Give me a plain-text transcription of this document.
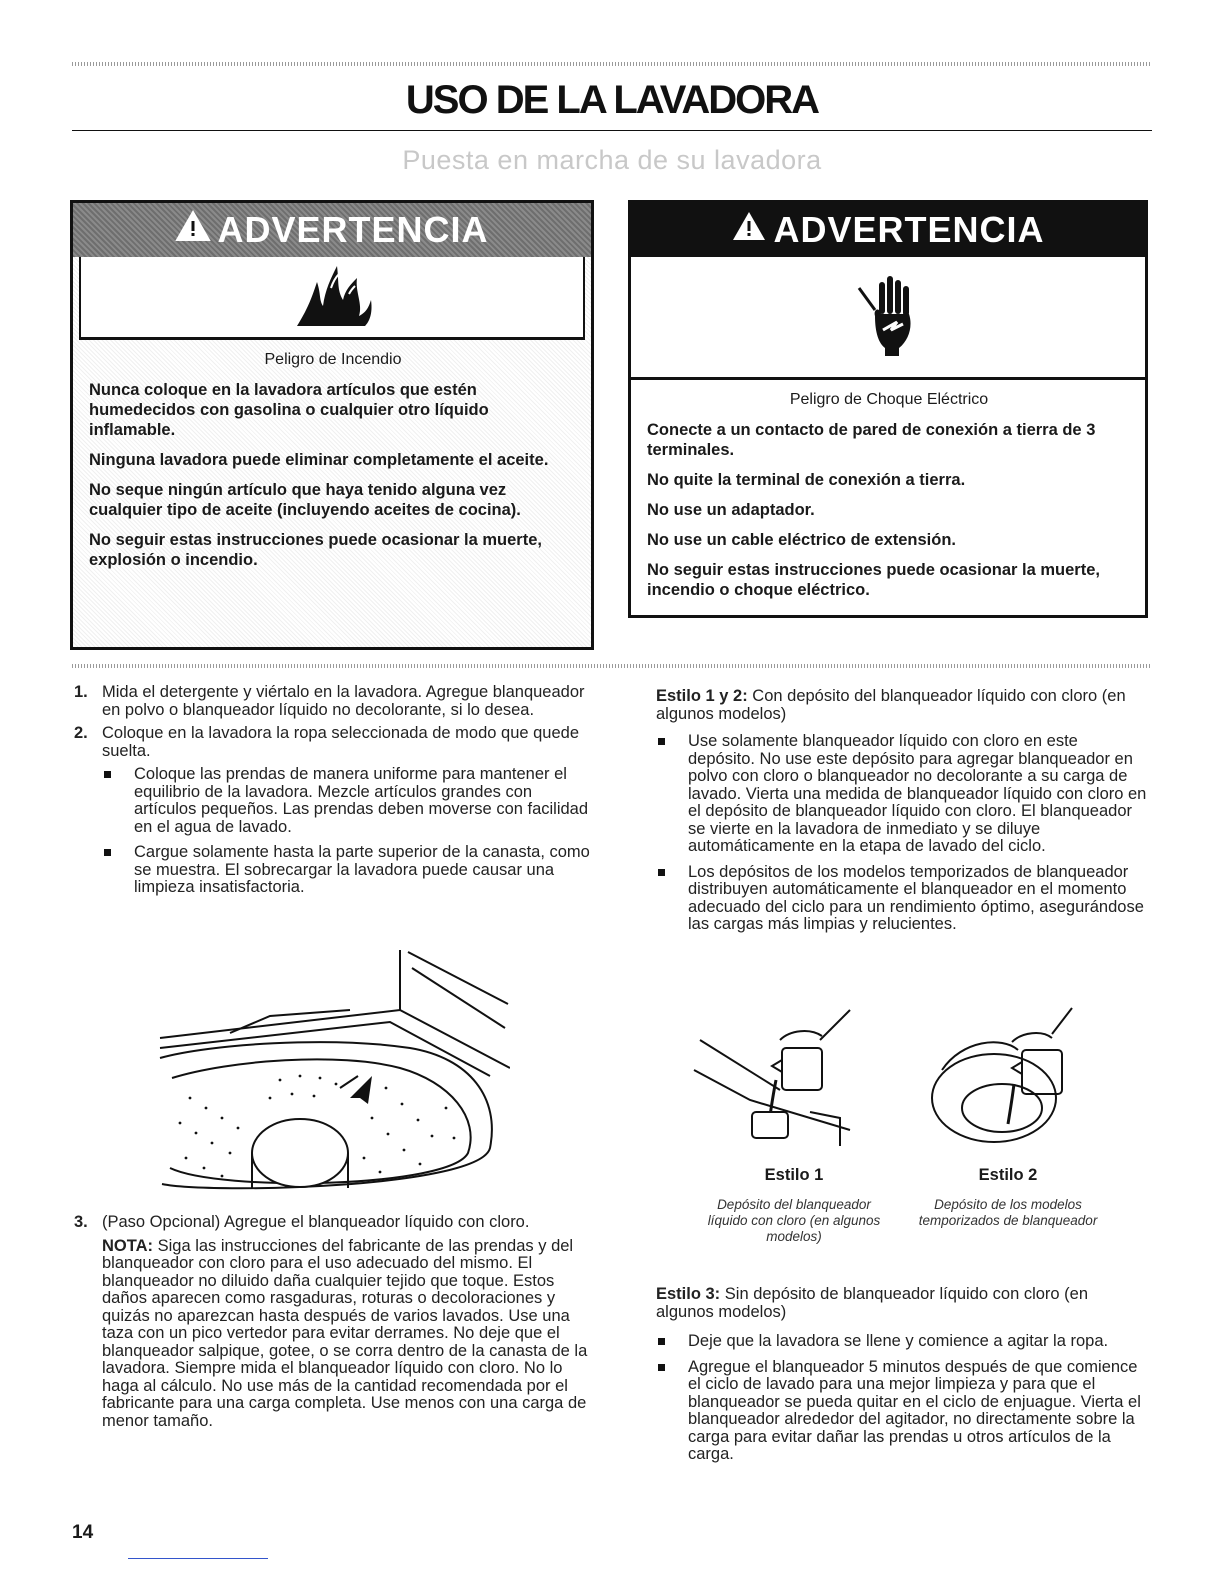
USO DE LA LAVADORA
Puesta en marcha de su lavadora
ADVERTENCIA
Peligro de Incendio

Nunca coloque en la lavadora artículos que estén humedecidos con gasolina o cualquier otro líquido inflamable.

Ninguna lavadora puede eliminar completamente el aceite.

No seque ningún artículo que haya tenido alguna vez cualquier tipo de aceite (incluyendo aceites de cocina).

No seguir estas instrucciones puede ocasionar la muerte, explosión o incendio.

ADVERTENCIA
Peligro de Choque Eléctrico

Conecte a un contacto de pared de conexión a tierra de 3 terminales.

No quite la terminal de conexión a tierra.

No use un adaptador.

No use un cable eléctrico de extensión.

No seguir estas instrucciones puede ocasionar la muerte, incendio o choque eléctrico.

1. Mida el detergente y viértalo en la lavadora. Agregue blanqueador en polvo o blanqueador líquido no decolorante, si lo desea.

2. Coloque en la lavadora la ropa seleccionada de modo que quede suelta.

Coloque las prendas de manera uniforme para mantener el equilibrio de la lavadora. Mezcle artículos grandes con artículos pequeños. Las prendas deben moverse con facilidad en el agua de lavado.

Cargue solamente hasta la parte superior de la canasta, como se muestra. El sobrecargar la lavadora puede causar una limpieza insatisfactoria.

3. (Paso Opcional) Agregue el blanqueador líquido con cloro.

NOTA: Siga las instrucciones del fabricante de las prendas y del blanqueador con cloro para el uso adecuado del mismo. El blanqueador no diluido daña cualquier tejido que toque. Estos daños aparecen como rasgaduras, roturas o decoloraciones y quizás no aparezcan hasta después de varios lavados. Use una taza con un pico vertedor para evitar derrames. No deje que el blanqueador salpique, gotee, o se corra dentro de la canasta de la lavadora. Siempre mida el blanqueador líquido con cloro. No lo haga al cálculo. No use más de la cantidad recomendada por el fabricante para una carga completa. Use menos con una carga de menor tamaño.

Estilo 1 y 2: Con depósito del blanqueador líquido con cloro (en algunos modelos)

Use solamente blanqueador líquido con cloro en este depósito. No use este depósito para agregar blanqueador en polvo con cloro o blanqueador no decolorante a su carga de lavado. Vierta una medida de blanqueador líquido con cloro en el depósito de blanqueador líquido con cloro. El blanqueador se vierte en la lavadora de inmediato y se diluye automáticamente en la etapa de lavado del ciclo.

Los depósitos de los modelos temporizados de blanqueador distribuyen automáticamente el blanqueador en el momento adecuado del ciclo para un rendimiento óptimo, asegurándose las cargas más limpias y relucientes.

Estilo 1
Depósito del blanqueador líquido con cloro (en algunos modelos)
Estilo 2
Depósito de los modelos temporizados de blanqueador

Estilo 3: Sin depósito de blanqueador líquido con cloro (en algunos modelos)

Deje que la lavadora se llene y comience a agitar la ropa.

Agregue el blanqueador 5 minutos después de que comience el ciclo de lavado para una mejor limpieza y para que el blanqueador se pueda quitar en el ciclo de enjuague. Vierta el blanqueador alrededor del agitador, no directamente sobre la carga para evitar dañar las prendas u otros artículos de la carga.

14
